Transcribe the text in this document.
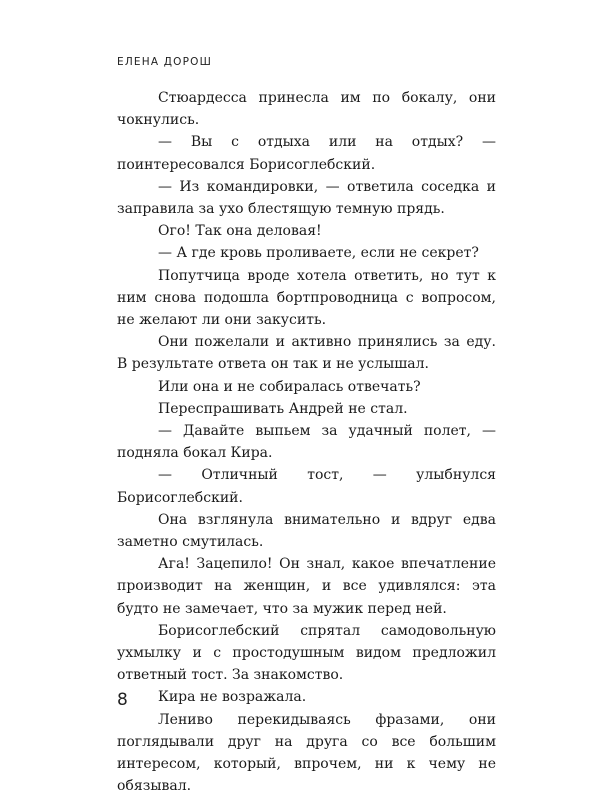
ЕЛЕНА ДОРОШ

Стюардесса принесла им по бокалу, они чокнулись.

— Вы с отдыха или на отдых? — поинтересовался Борисоглебский.

— Из командировки, — ответила соседка и заправила за ухо блестящую темную прядь.

Ого! Так она деловая!

— А где кровь проливаете, если не секрет?

Попутчица вроде хотела ответить, но тут к ним снова подошла бортпроводница с вопросом, не желают ли они закусить.

Они пожелали и активно принялись за еду. В результате ответа он так и не услышал.

Или она и не собиралась отвечать?

Переспрашивать Андрей не стал.

— Давайте выпьем за удачный полет, — подняла бокал Кира.

— Отличный тост, — улыбнулся Борисоглебский.

Она взглянула внимательно и вдруг едва заметно смутилась.

Ага! Зацепило! Он знал, какое впечатление производит на женщин, и все удивлялся: эта будто не замечает, что за мужик перед ней.

Борисоглебский спрятал самодовольную ухмылку и с простодушным видом предложил ответный тост. За знакомство.

Кира не возражала.

Лениво перекидываясь фразами, они поглядывали друг на друга со все большим интересом, который, впрочем, ни к чему не обязывал.

8
